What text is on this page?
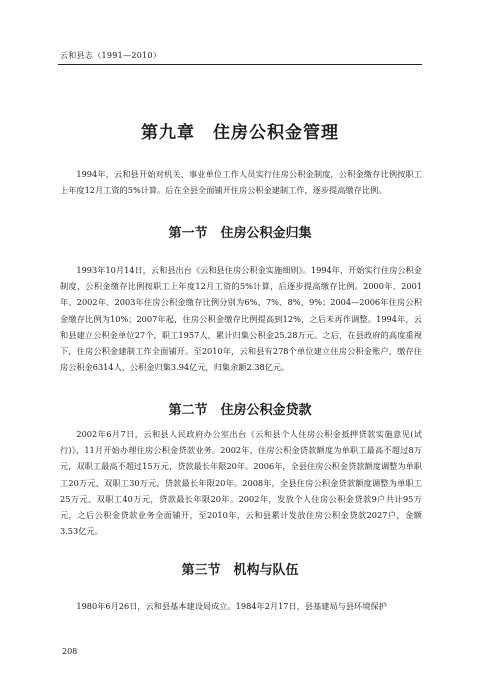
云和县志（1991—2010）
第九章　住房公积金管理

1994年，云和县开始对机关、事业单位工作人员实行住房公积金制度，公积金缴存比例按职工上年度12月工资的5%计算。后在全县全面铺开住房公积金建制工作，逐步提高缴存比例。

第一节　住房公积金归集

1993年10月14日，云和县出台《云和县住房公积金实施细则》。1994年，开始实行住房公积金制度，公积金缴存比例按职工上年度12月工资的5%计算，后逐步提高缴存比例。2000年、2001年、2002年、2003年住房公积金缴存比例分别为6%、7%、8%、9%；2004—2006年住房公积金缴存比例为10%；2007年起，住房公积金缴存比例提高到12%，之后未再作调整。1994年，云和县建立公积金单位27个，职工1957人，累计归集公积金25.28万元。之后，在县政府的高度重视下，住房公积金建制工作全面铺开。至2010年，云和县有278个单位建立住房公积金账户，缴存住房公积金6314人，公积金归集3.94亿元，归集余额2.38亿元。

第二节　住房公积金贷款

2002年6月7日，云和县人民政府办公室出台《云和县个人住房公积金抵押贷款实施意见(试行)》，11月开始办理住房公积金贷款业务。2002年，住房公积金贷款额度为单职工最高不超过8万元，双职工最高不超过15万元，贷款最长年限20年。2006年，全县住房公积金贷款额度调整为单职工20万元、双职工30万元，贷款最长年限20年。2008年，全县住房公积金贷款额度调整为单职工25万元、双职工40万元，贷款最长年限20年。2002年，发放个人住房公积金贷款9户共计95万元，之后公积金贷款业务全面铺开，至2010年，云和县累计发放住房公积金贷款2027户，金额3.53亿元。

第三节　机构与队伍

1980年6月26日，云和县基本建设局成立。1984年2月17日，县基建局与县环境保护

208
